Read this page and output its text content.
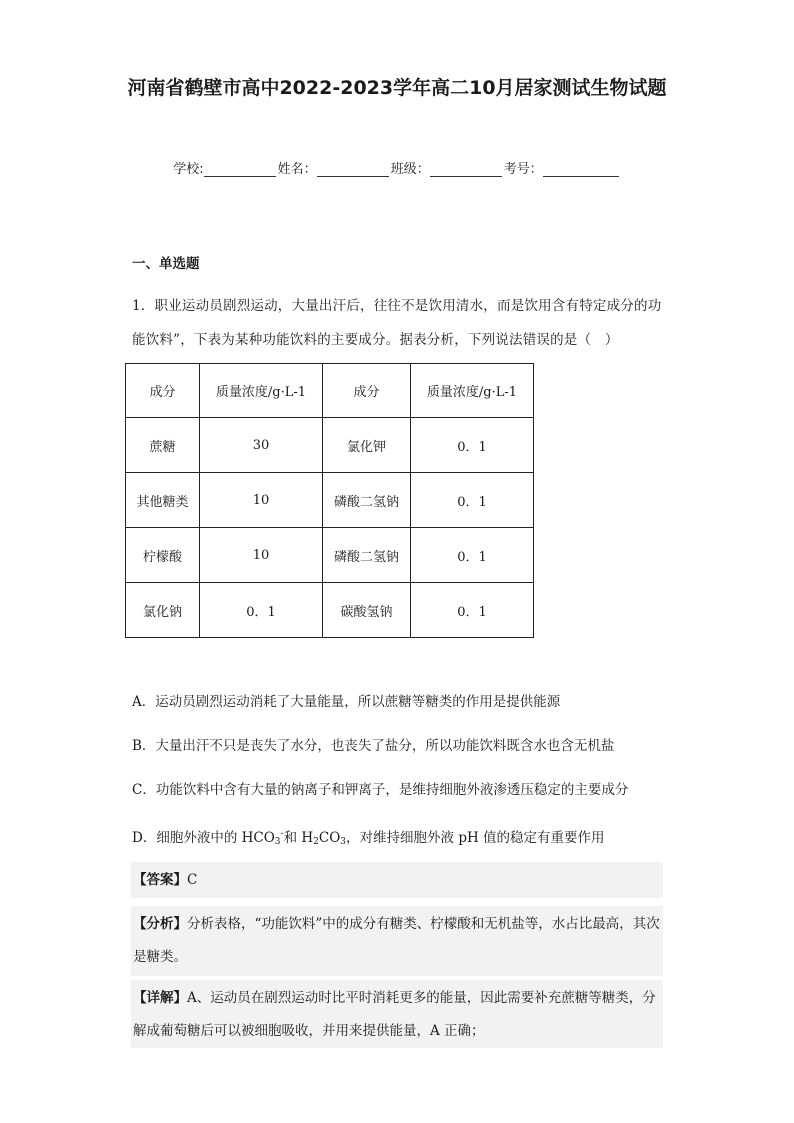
河南省鹤壁市高中2022-2023学年高二10月居家测试生物试题
学校:	姓名：	班级：	考号：
一、单选题
1．职业运动员剧烈运动，大量出汗后，往往不是饮用清水，而是饮用含有特定成分的功能饮料”，下表为某种功能饮料的主要成分。据表分析，下列说法错误的是（　）
成分	质量浓度/g·L-1	成分	质量浓度/g·L-1
蔗糖	30	氯化钾	0．1
其他糖类	10	磷酸二氢钠	0．1
柠檬酸	10	磷酸二氢钠	0．1
氯化钠	0．1	碳酸氢钠	0．1
A．运动员剧烈运动消耗了大量能量，所以蔗糖等糖类的作用是提供能源
B．大量出汗不只是丧失了水分，也丧失了盐分，所以功能饮料既含水也含无机盐
C．功能饮料中含有大量的钠离子和钾离子，是维持细胞外液渗透压稳定的主要成分
D．细胞外液中的 $HCO_3^-$和 $H_2CO_3$，对维持细胞外液 pH 值的稳定有重要作用
【答案】C
【分析】分析表格，“功能饮料”中的成分有糖类、柠檬酸和无机盐等，水占比最高，其次是糖类。
【详解】A、运动员在剧烈运动时比平时消耗更多的能量，因此需要补充蔗糖等糖类，分解成葡萄糖后可以被细胞吸收，并用来提供能量，A 正确；
